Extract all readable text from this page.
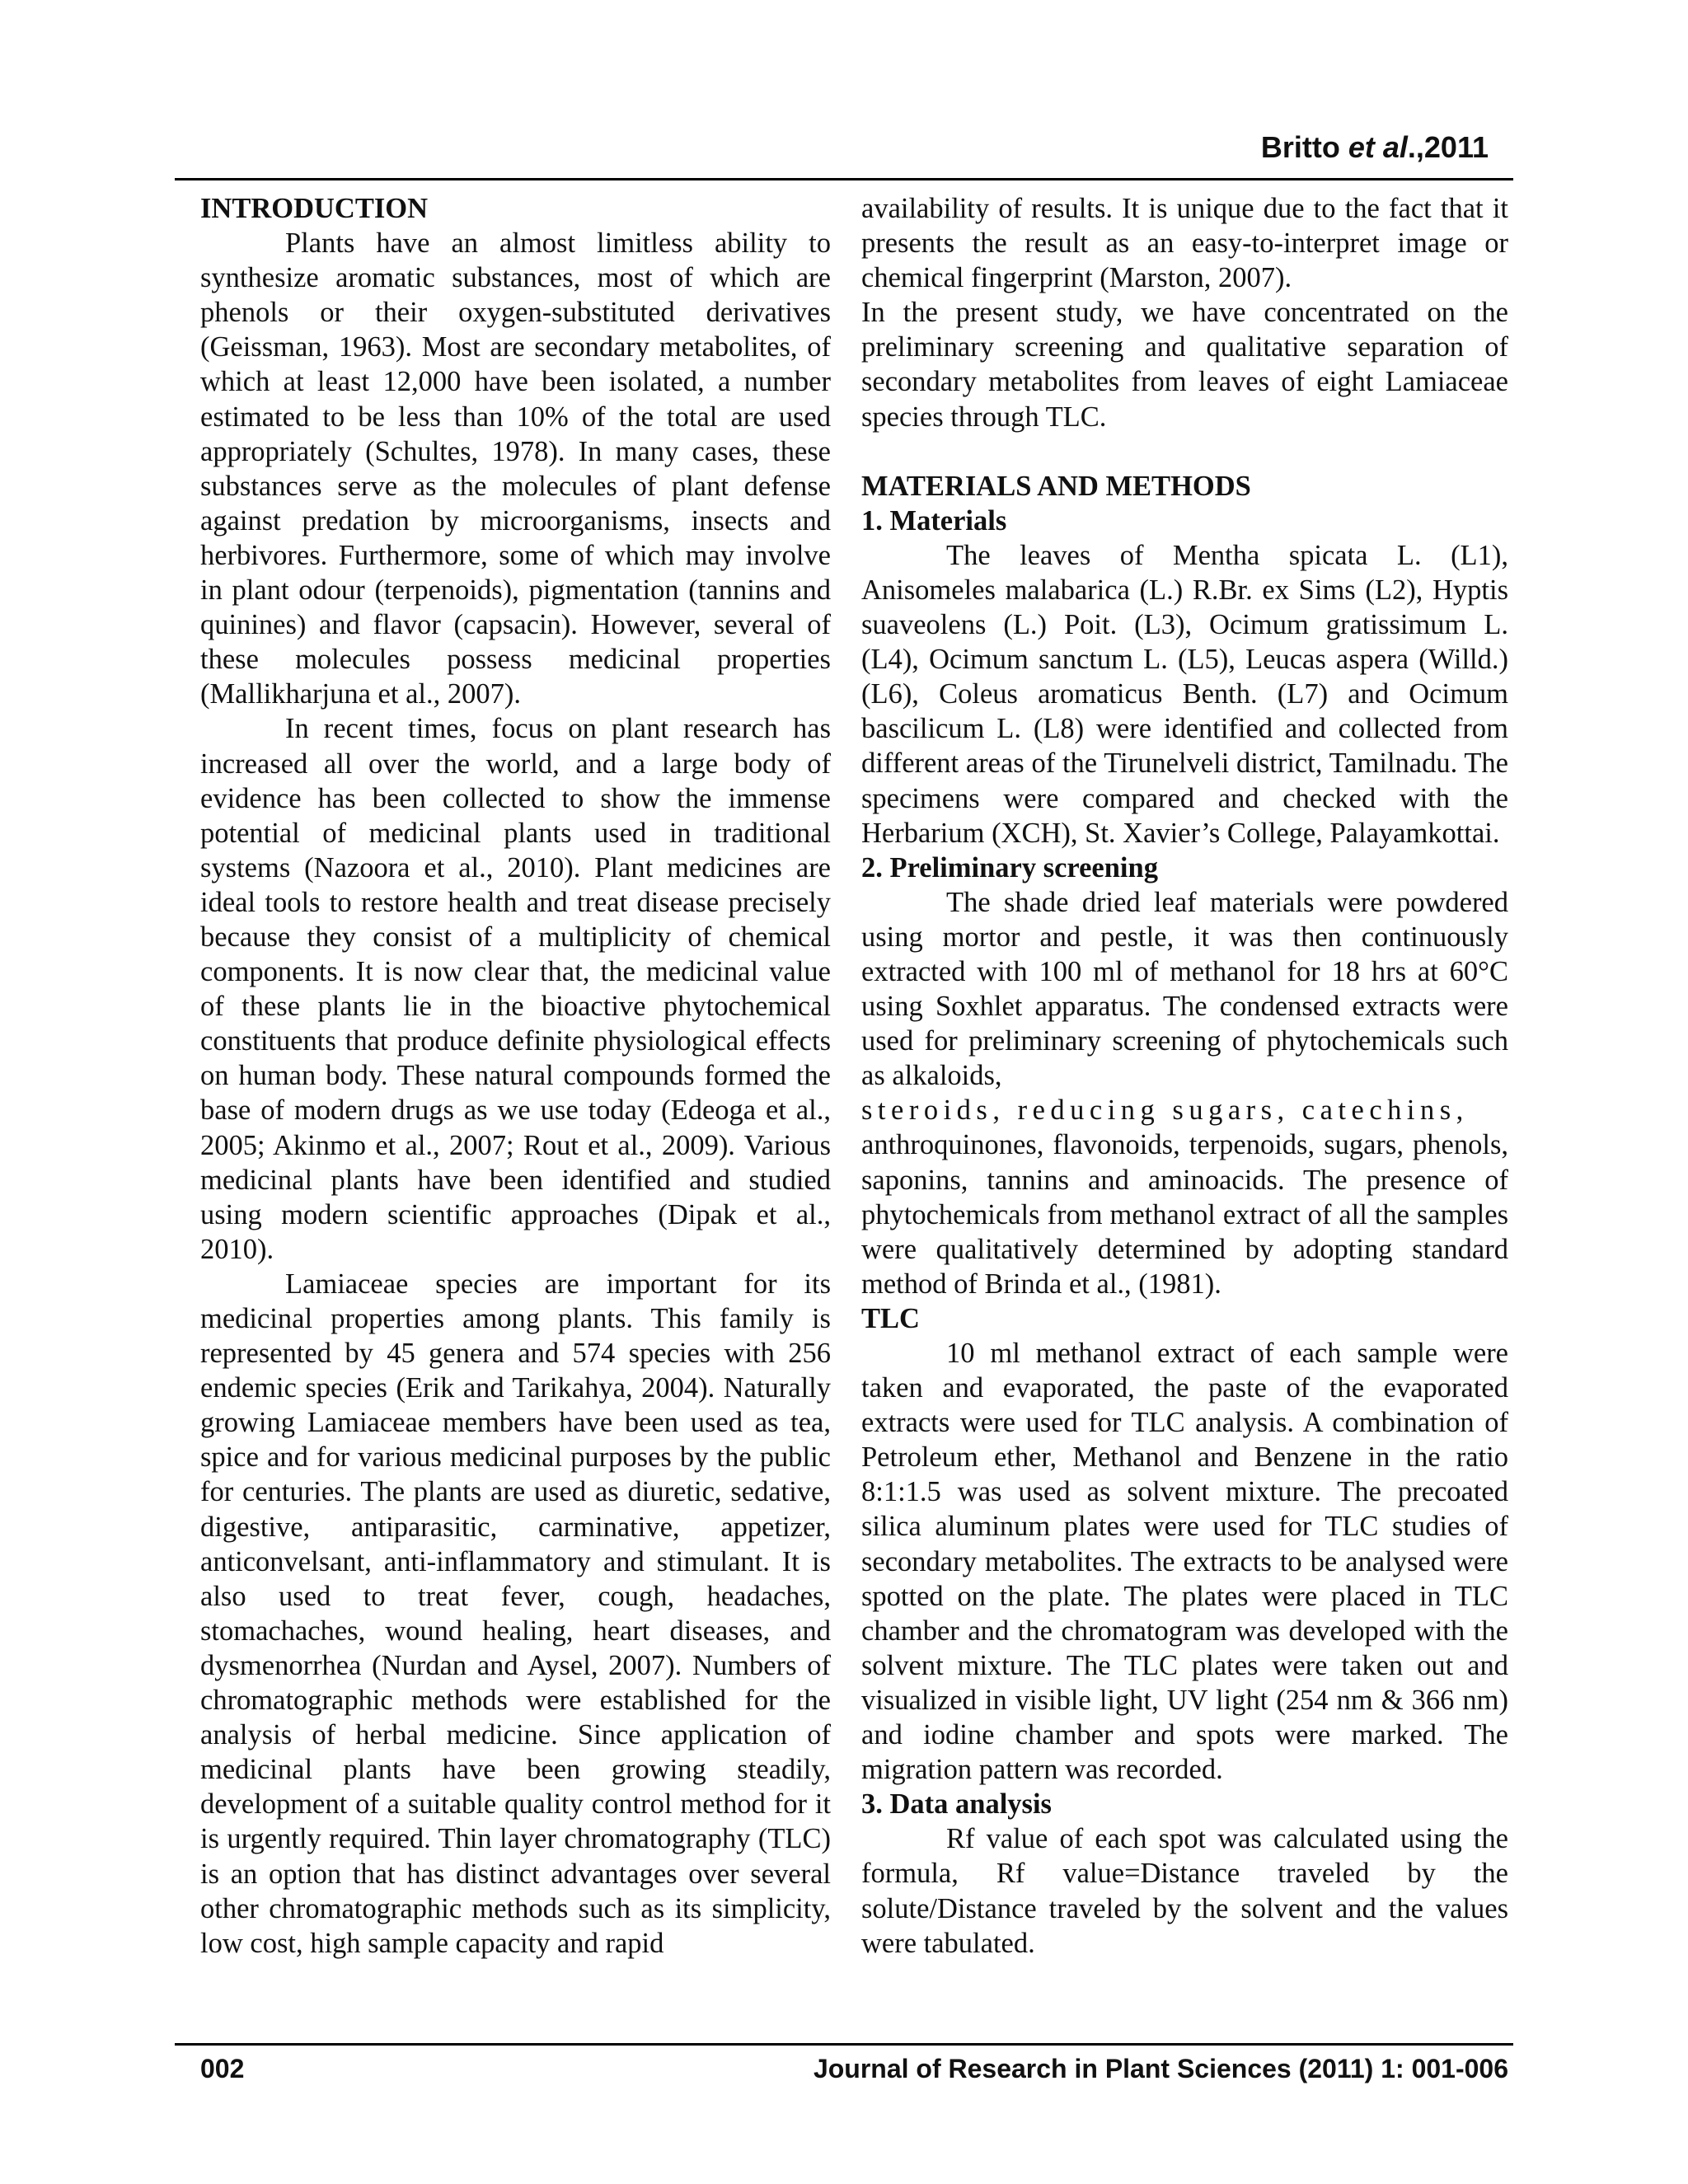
Britto et al.,2011

INTRODUCTION

Plants have an almost limitless ability to synthesize aromatic substances, most of which are phenols or their oxygen-substituted derivatives (Geissman, 1963). Most are secondary metabolites, of which at least 12,000 have been isolated, a number estimated to be less than 10% of the total are used appropriately (Schultes, 1978). In many cases, these substances serve as the molecules of plant defense against predation by microorganisms, insects and herbivores. Furthermore, some of which may involve in plant odour (terpenoids), pigmentation (tannins and quinines) and flavor (capsacin). However, several of these molecules possess medicinal properties (Mallikharjuna et al., 2007).

In recent times, focus on plant research has increased all over the world, and a large body of evidence has been collected to show the immense potential of medicinal plants used in traditional systems (Nazoora et al., 2010). Plant medicines are ideal tools to restore health and treat disease precisely because they consist of a multiplicity of chemical components. It is now clear that, the medicinal value of these plants lie in the bioactive phytochemical constituents that produce definite physiological effects on human body. These natural compounds formed the base of modern drugs as we use today (Edeoga et al., 2005; Akinmo et al., 2007; Rout et al., 2009). Various medicinal plants have been identified and studied using modern scientific approaches (Dipak et al., 2010).

Lamiaceae species are important for its medicinal properties among plants. This family is represented by 45 genera and 574 species with 256 endemic species (Erik and Tarikahya, 2004). Naturally growing Lamiaceae members have been used as tea, spice and for various medicinal purposes by the public for centuries. The plants are used as diuretic, sedative, digestive, antiparasitic, carminative, appetizer, anticonvelsant, anti-inflammatory and stimulant. It is also used to treat fever, cough, headaches, stomachaches, wound healing, heart diseases, and dysmenorrhea (Nurdan and Aysel, 2007). Numbers of chromatographic methods were established for the analysis of herbal medicine. Since application of medicinal plants have been growing steadily, development of a suitable quality control method for it is urgently required. Thin layer chromatography (TLC) is an option that has distinct advantages over several other chromatographic methods such as its simplicity, low cost, high sample capacity and rapid

availability of results. It is unique due to the fact that it presents the result as an easy-to-interpret image or chemical fingerprint (Marston, 2007).

In the present study, we have concentrated on the preliminary screening and qualitative separation of secondary metabolites from leaves of eight Lamiaceae species through TLC.

MATERIALS AND METHODS

1. Materials

The leaves of Mentha spicata L. (L1), Anisomeles malabarica (L.) R.Br. ex Sims (L2), Hyptis suaveolens (L.) Poit. (L3), Ocimum gratissimum L. (L4), Ocimum sanctum L. (L5), Leucas aspera (Willd.) (L6), Coleus aromaticus Benth. (L7) and Ocimum bascilicum L. (L8) were identified and collected from different areas of the Tirunelveli district, Tamilnadu. The specimens were compared and checked with the Herbarium (XCH), St. Xavier’s College, Palayamkottai.

2. Preliminary screening

The shade dried leaf materials were powdered using mortor and pestle, it was then continuously extracted with 100 ml of methanol for 18 hrs at 60°C using Soxhlet apparatus. The condensed extracts were used for preliminary screening of phytochemicals such as alkaloids,

steroids, reducing sugars, catechins,

anthroquinones, flavonoids, terpenoids, sugars, phenols, saponins, tannins and aminoacids. The presence of phytochemicals from methanol extract of all the samples were qualitatively determined by adopting standard method of Brinda et al., (1981).

TLC

10 ml methanol extract of each sample were taken and evaporated, the paste of the evaporated extracts were used for TLC analysis. A combination of Petroleum ether, Methanol and Benzene in the ratio 8:1:1.5 was used as solvent mixture. The precoated silica aluminum plates were used for TLC studies of secondary metabolites. The extracts to be analysed were spotted on the plate. The plates were placed in TLC chamber and the chromatogram was developed with the solvent mixture. The TLC plates were taken out and visualized in visible light, UV light (254 nm & 366 nm) and iodine chamber and spots were marked. The migration pattern was recorded.

3. Data analysis

Rf value of each spot was calculated using the formula, Rf value=Distance traveled by the solute/Distance traveled by the solvent and the values were tabulated.

002	Journal of Research in Plant Sciences (2011) 1: 001-006
